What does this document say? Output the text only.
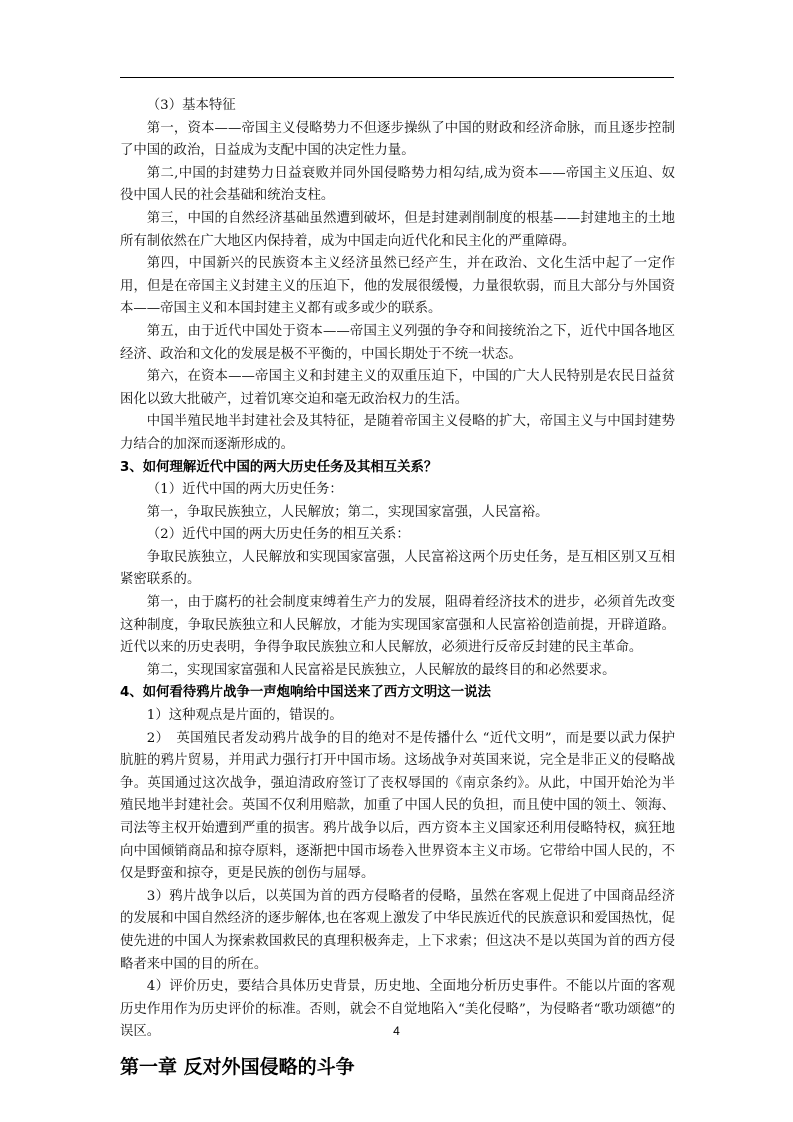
（3）基本特征

第一，资本——帝国主义侵略势力不但逐步操纵了中国的财政和经济命脉，而且逐步控制了中国的政治，日益成为支配中国的决定性力量。

第二,中国的封建势力日益衰败并同外国侵略势力相勾结,成为资本——帝国主义压迫、奴役中国人民的社会基础和统治支柱。

第三，中国的自然经济基础虽然遭到破坏，但是封建剥削制度的根基——封建地主的土地所有制依然在广大地区内保持着，成为中国走向近代化和民主化的严重障碍。

第四，中国新兴的民族资本主义经济虽然已经产生，并在政治、文化生活中起了一定作用，但是在帝国主义封建主义的压迫下，他的发展很缓慢，力量很软弱，而且大部分与外国资本——帝国主义和本国封建主义都有或多或少的联系。

第五，由于近代中国处于资本——帝国主义列强的争夺和间接统治之下，近代中国各地区经济、政治和文化的发展是极不平衡的，中国长期处于不统一状态。

第六，在资本——帝国主义和封建主义的双重压迫下，中国的广大人民特别是农民日益贫困化以致大批破产，过着饥寒交迫和毫无政治权力的生活。

中国半殖民地半封建社会及其特征，是随着帝国主义侵略的扩大，帝国主义与中国封建势力结合的加深而逐渐形成的。

3、如何理解近代中国的两大历史任务及其相互关系？

（1）近代中国的两大历史任务：

第一，争取民族独立，人民解放；第二，实现国家富强，人民富裕。

（2）近代中国的两大历史任务的相互关系：

争取民族独立，人民解放和实现国家富强，人民富裕这两个历史任务，是互相区别又互相紧密联系的。

第一，由于腐朽的社会制度束缚着生产力的发展，阻碍着经济技术的进步，必须首先改变这种制度，争取民族独立和人民解放，才能为实现国家富强和人民富裕创造前提，开辟道路。近代以来的历史表明，争得争取民族独立和人民解放，必须进行反帝反封建的民主革命。

第二，实现国家富强和人民富裕是民族独立，人民解放的最终目的和必然要求。

4、如何看待鸦片战争一声炮响给中国送来了西方文明这一说法

1）这种观点是片面的，错误的。

2）　英国殖民者发动鸦片战争的目的绝对不是传播什么 “近代文明”，而是要以武力保护肮脏的鸦片贸易，并用武力强行打开中国市场。这场战争对英国来说，完全是非正义的侵略战争。英国通过这次战争，强迫清政府签订了丧权辱国的《南京条约》。从此，中国开始沦为半殖民地半封建社会。英国不仅利用赔款，加重了中国人民的负担，而且使中国的领土、领海、司法等主权开始遭到严重的损害。鸦片战争以后，西方资本主义国家还利用侵略特权，疯狂地向中国倾销商品和掠夺原料，逐渐把中国市场卷入世界资本主义市场。它带给中国人民的，不仅是野蛮和掠夺，更是民族的创伤与屈辱。

3）鸦片战争以后，以英国为首的西方侵略者的侵略，虽然在客观上促进了中国商品经济的发展和中国自然经济的逐步解体,也在客观上激发了中华民族近代的民族意识和爱国热忱，促使先进的中国人为探索救国救民的真理积极奔走，上下求索；但这决不是以英国为首的西方侵略者来中国的目的所在。

4）评价历史，要结合具体历史背景，历史地、全面地分析历史事件。不能以片面的客观历史作用作为历史评价的标准。否则，就会不自觉地陷入“美化侵略”，为侵略者“歌功颂德”的误区。

第一章 反对外国侵略的斗争
4
